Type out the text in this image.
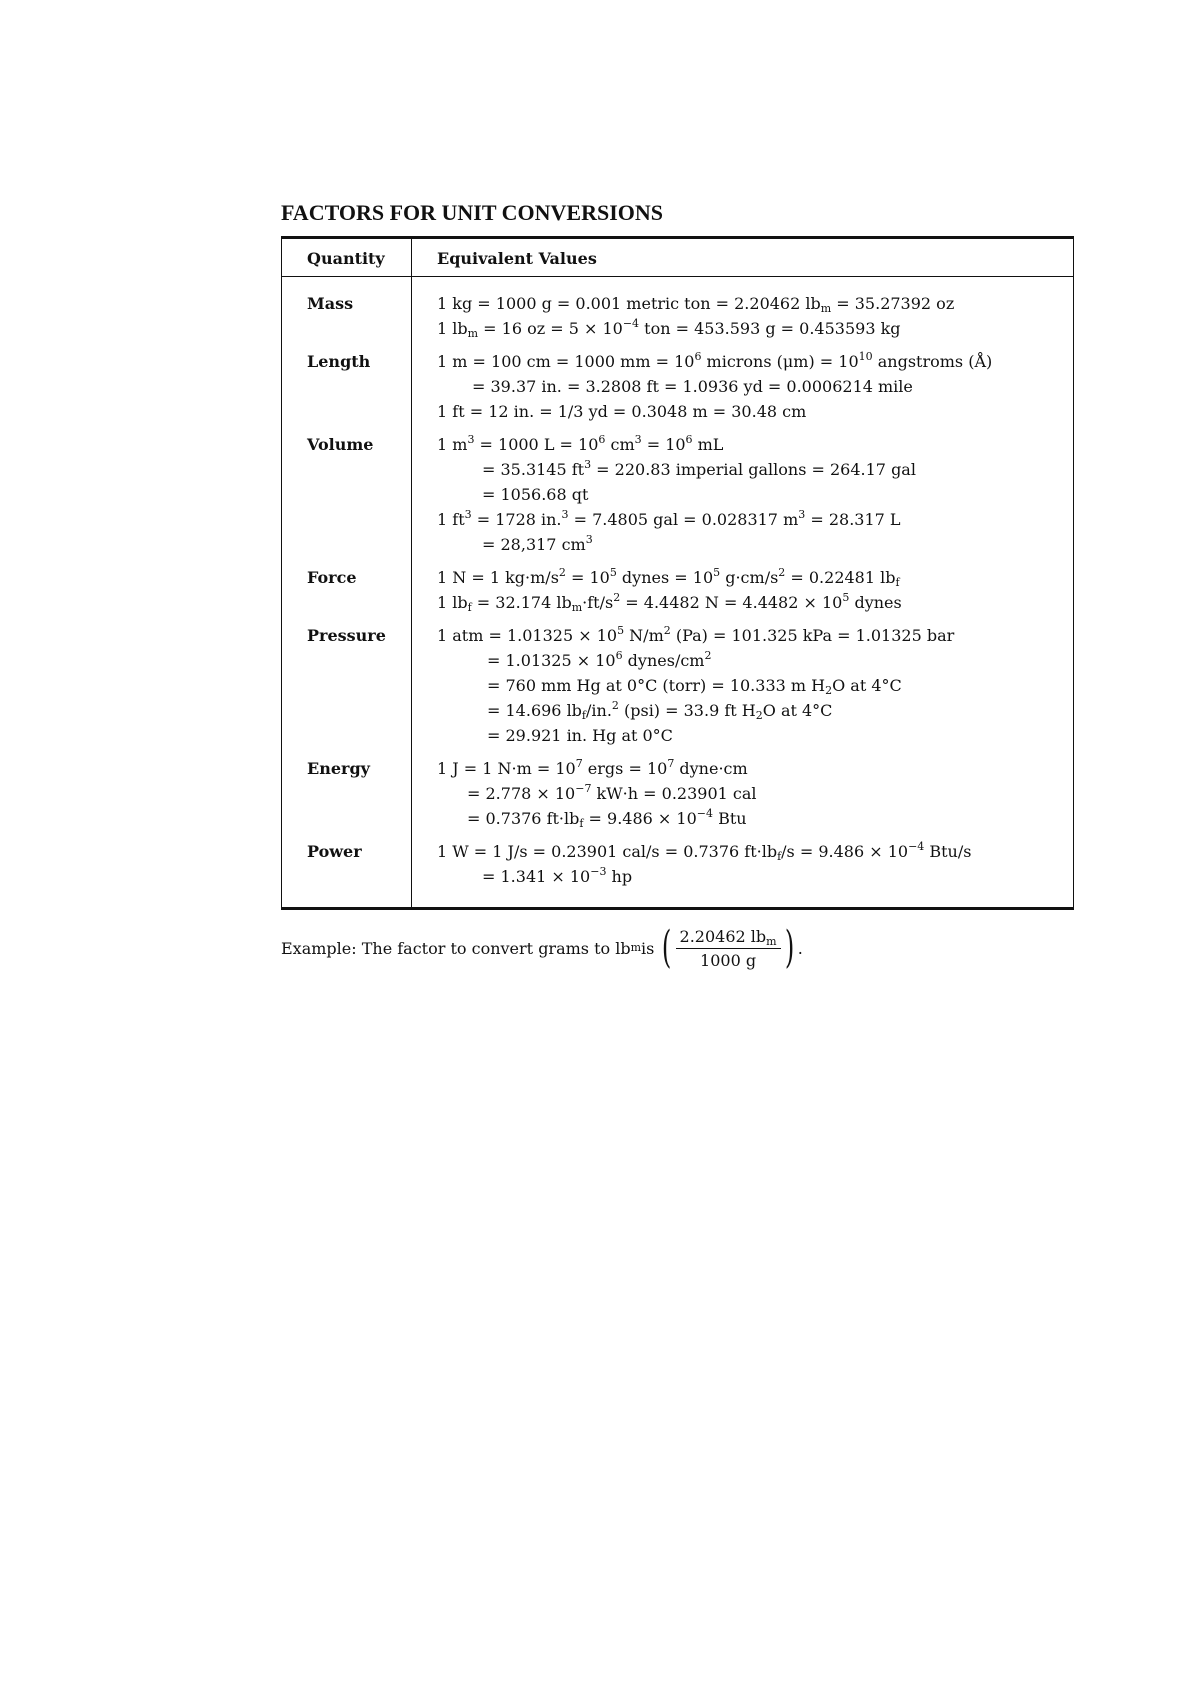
FACTORS FOR UNIT CONVERSIONS
Quantity	Equivalent Values

Mass	1 kg = 1000 g = 0.001 metric ton = 2.20462 $lb_m = 35.27392$ oz
1 $lb_m = 16$ oz = $5 \times 10^{-4}$ ton = 453.593 g = 0.453593 kg

Length	1 m = 100 cm = 1000 mm = $10^6$ microns $(\mu m) = 10^{10}$ angstroms (Å)
= 39.37 in. = 3.2808 ft = 1.0936 yd = 0.0006214 mile
1 ft = 12 in. = 1/3 yd = 0.3048 m = 30.48 cm

Volume	1 $m^3 = 1000$ $L = 10^6$ $cm^3 = 10^6$ mL
= 35.3145 $ft^3 = 220.83$ imperial gallons = 264.17 gal
= 1056.68 qt
1 $ft^3 = 1728$ in.$^3$ = 7.4805 gal = 0.028317 $m^3 = 28.317$ L
= 28,317 $cm^3$

Force	1 N = 1 $kg\cdot m/s^2 = 10^5$ dynes = $10^5$ $g\cdot cm/s^2 = 0.22481$ $lb_f$
1 $lb_f = 32.174$ $lb_m\cdot ft/s^2 = 4.4482$ $N = 4.4482 \times 10^5$ dynes

Pressure	1 atm = $1.01325 \times 10^5$ $N/m^2$ (Pa) = 101.325 kPa = 1.01325 bar
= $1.01325 \times 10^6$ dynes/$cm^2$
= 760 mm Hg at 0°C (torr) = 10.333 m $H_2O$ at 4°C
= 14.696 $lb_f/in.^2$ (psi) = 33.9 ft $H_2O$ at 4°C
= 29.921 in. Hg at 0°C

Energy	1 J = 1 $N\cdot m = 10^7$ ergs = $10^7$ dyne·cm
= $2.778 \times 10^{-7}$ kW·h = 0.23901 cal
= 0.7376 $ft\cdot lb_f = 9.486 \times 10^{-4}$ Btu

Power	1 W = 1 J/s = 0.23901 cal/s = 0.7376 $ft\cdot lb_f/s = 9.486 \times 10^{-4}$ Btu/s
= $1.341 \times 10^{-3}$ hp

Example: The factor to convert grams to lb m is ( $\frac{2.20462 lb_m}{1000 g}$ ) .
